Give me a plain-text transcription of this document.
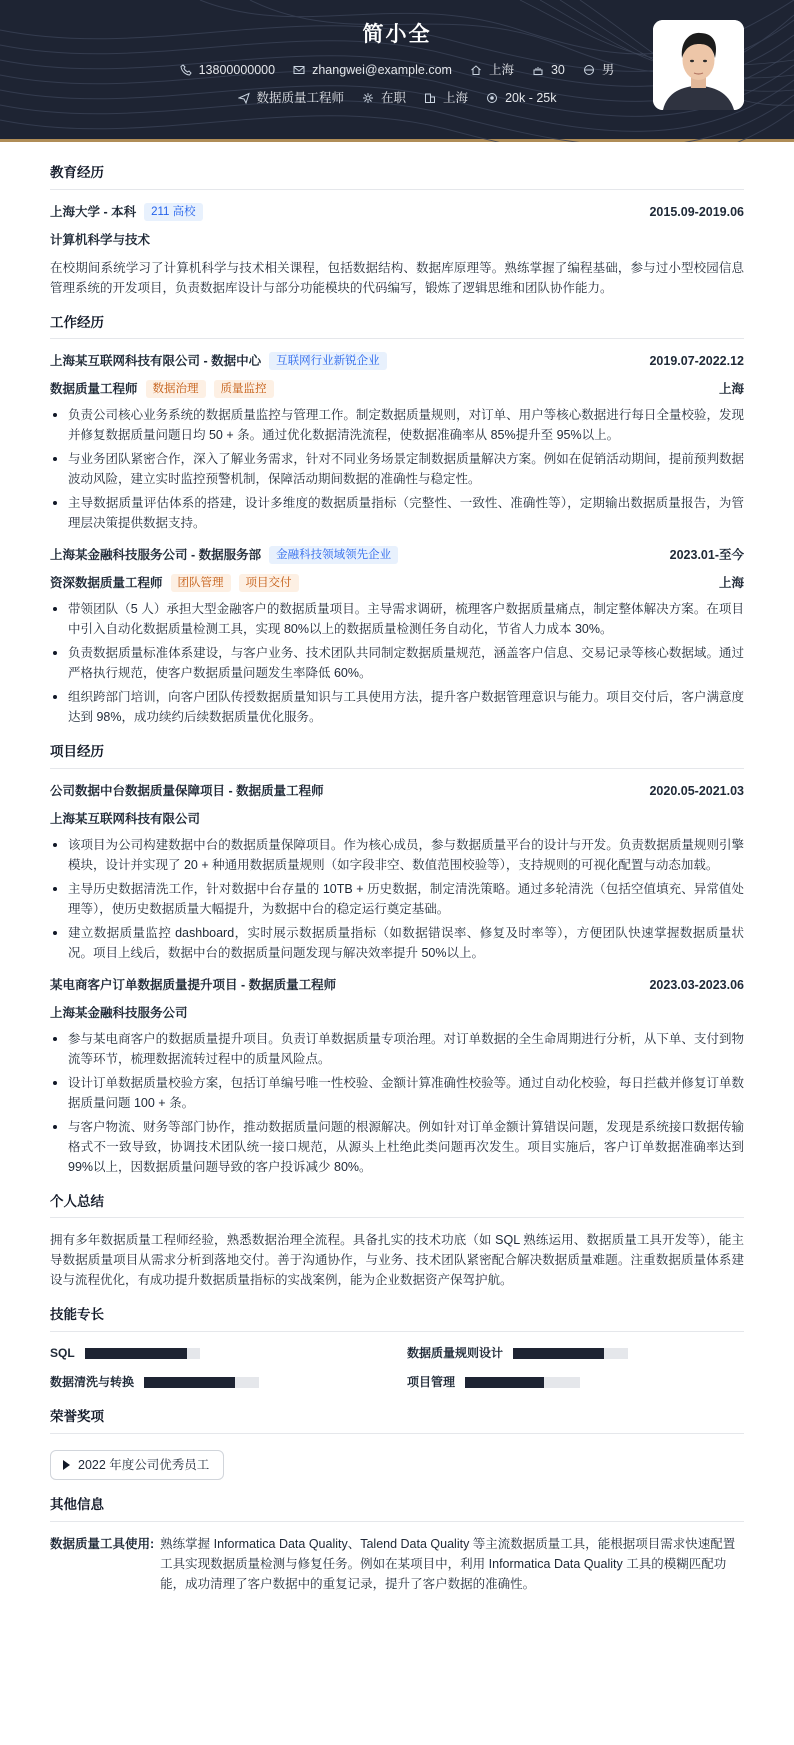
简小全
13800000000	zhangwei@example.com	上海	30	男
数据质量工程师	在职	上海	20k - 25k
教育经历
上海大学 - 本科	211 高校	2015.09-2019.06
计算机科学与技术
在校期间系统学习了计算机科学与技术相关课程，包括数据结构、数据库原理等。熟练掌握了编程基础，参与过小型校园信息管理系统的开发项目，负责数据库设计与部分功能模块的代码编写，锻炼了逻辑思维和团队协作能力。
工作经历
上海某互联网科技有限公司 - 数据中心	互联网行业新锐企业	2019.07-2022.12
数据质量工程师	数据治理	质量监控	上海
负责公司核心业务系统的数据质量监控与管理工作。制定数据质量规则，对订单、用户等核心数据进行每日全量校验，发现并修复数据质量问题日均 50 + 条。通过优化数据清洗流程，使数据准确率从 85%提升至 95%以上。
与业务团队紧密合作，深入了解业务需求，针对不同业务场景定制数据质量解决方案。例如在促销活动期间，提前预判数据波动风险，建立实时监控预警机制，保障活动期间数据的准确性与稳定性。
主导数据质量评估体系的搭建，设计多维度的数据质量指标（完整性、一致性、准确性等），定期输出数据质量报告，为管理层决策提供数据支持。
上海某金融科技服务公司 - 数据服务部	金融科技领域领先企业	2023.01-至今
资深数据质量工程师	团队管理	项目交付	上海
带领团队（5 人）承担大型金融客户的数据质量项目。主导需求调研，梳理客户数据质量痛点，制定整体解决方案。在项目中引入自动化数据质量检测工具，实现 80%以上的数据质量检测任务自动化，节省人力成本 30%。
负责数据质量标准体系建设，与客户业务、技术团队共同制定数据质量规范，涵盖客户信息、交易记录等核心数据域。通过严格执行规范，使客户数据质量问题发生率降低 60%。
组织跨部门培训，向客户团队传授数据质量知识与工具使用方法，提升客户数据管理意识与能力。项目交付后，客户满意度达到 98%，成功续约后续数据质量优化服务。
项目经历
公司数据中台数据质量保障项目 - 数据质量工程师	2020.05-2021.03
上海某互联网科技有限公司
该项目为公司构建数据中台的数据质量保障项目。作为核心成员，参与数据质量平台的设计与开发。负责数据质量规则引擎模块，设计并实现了 20 + 种通用数据质量规则（如字段非空、数值范围校验等），支持规则的可视化配置与动态加载。
主导历史数据清洗工作，针对数据中台存量的 10TB + 历史数据，制定清洗策略。通过多轮清洗（包括空值填充、异常值处理等），使历史数据质量大幅提升，为数据中台的稳定运行奠定基础。
建立数据质量监控 dashboard，实时展示数据质量指标（如数据错误率、修复及时率等），方便团队快速掌握数据质量状况。项目上线后，数据中台的数据质量问题发现与解决效率提升 50%以上。
某电商客户订单数据质量提升项目 - 数据质量工程师	2023.03-2023.06
上海某金融科技服务公司
参与某电商客户的数据质量提升项目。负责订单数据质量专项治理。对订单数据的全生命周期进行分析，从下单、支付到物流等环节，梳理数据流转过程中的质量风险点。
设计订单数据质量校验方案，包括订单编号唯一性校验、金额计算准确性校验等。通过自动化校验，每日拦截并修复订单数据质量问题 100 + 条。
与客户物流、财务等部门协作，推动数据质量问题的根源解决。例如针对订单金额计算错误问题，发现是系统接口数据传输格式不一致导致，协调技术团队统一接口规范，从源头上杜绝此类问题再次发生。项目实施后，客户订单数据准确率达到 99%以上，因数据质量问题导致的客户投诉减少 80%。
个人总结
拥有多年数据质量工程师经验，熟悉数据治理全流程。具备扎实的技术功底（如 SQL 熟练运用、数据质量工具开发等），能主导数据质量项目从需求分析到落地交付。善于沟通协作，与业务、技术团队紧密配合解决数据质量难题。注重数据质量体系建设与流程优化，有成功提升数据质量指标的实战案例，能为企业数据资产保驾护航。
技能专长
SQL	数据质量规则设计
数据清洗与转换	项目管理
荣誉奖项
2022 年度公司优秀员工
其他信息
数据质量工具使用: 熟练掌握 Informatica Data Quality、Talend Data Quality 等主流数据质量工具，能根据项目需求快速配置工具实现数据质量检测与修复任务。例如在某项目中，利用 Informatica Data Quality 工具的模糊匹配功能，成功清理了客户数据中的重复记录，提升了客户数据的准确性。
